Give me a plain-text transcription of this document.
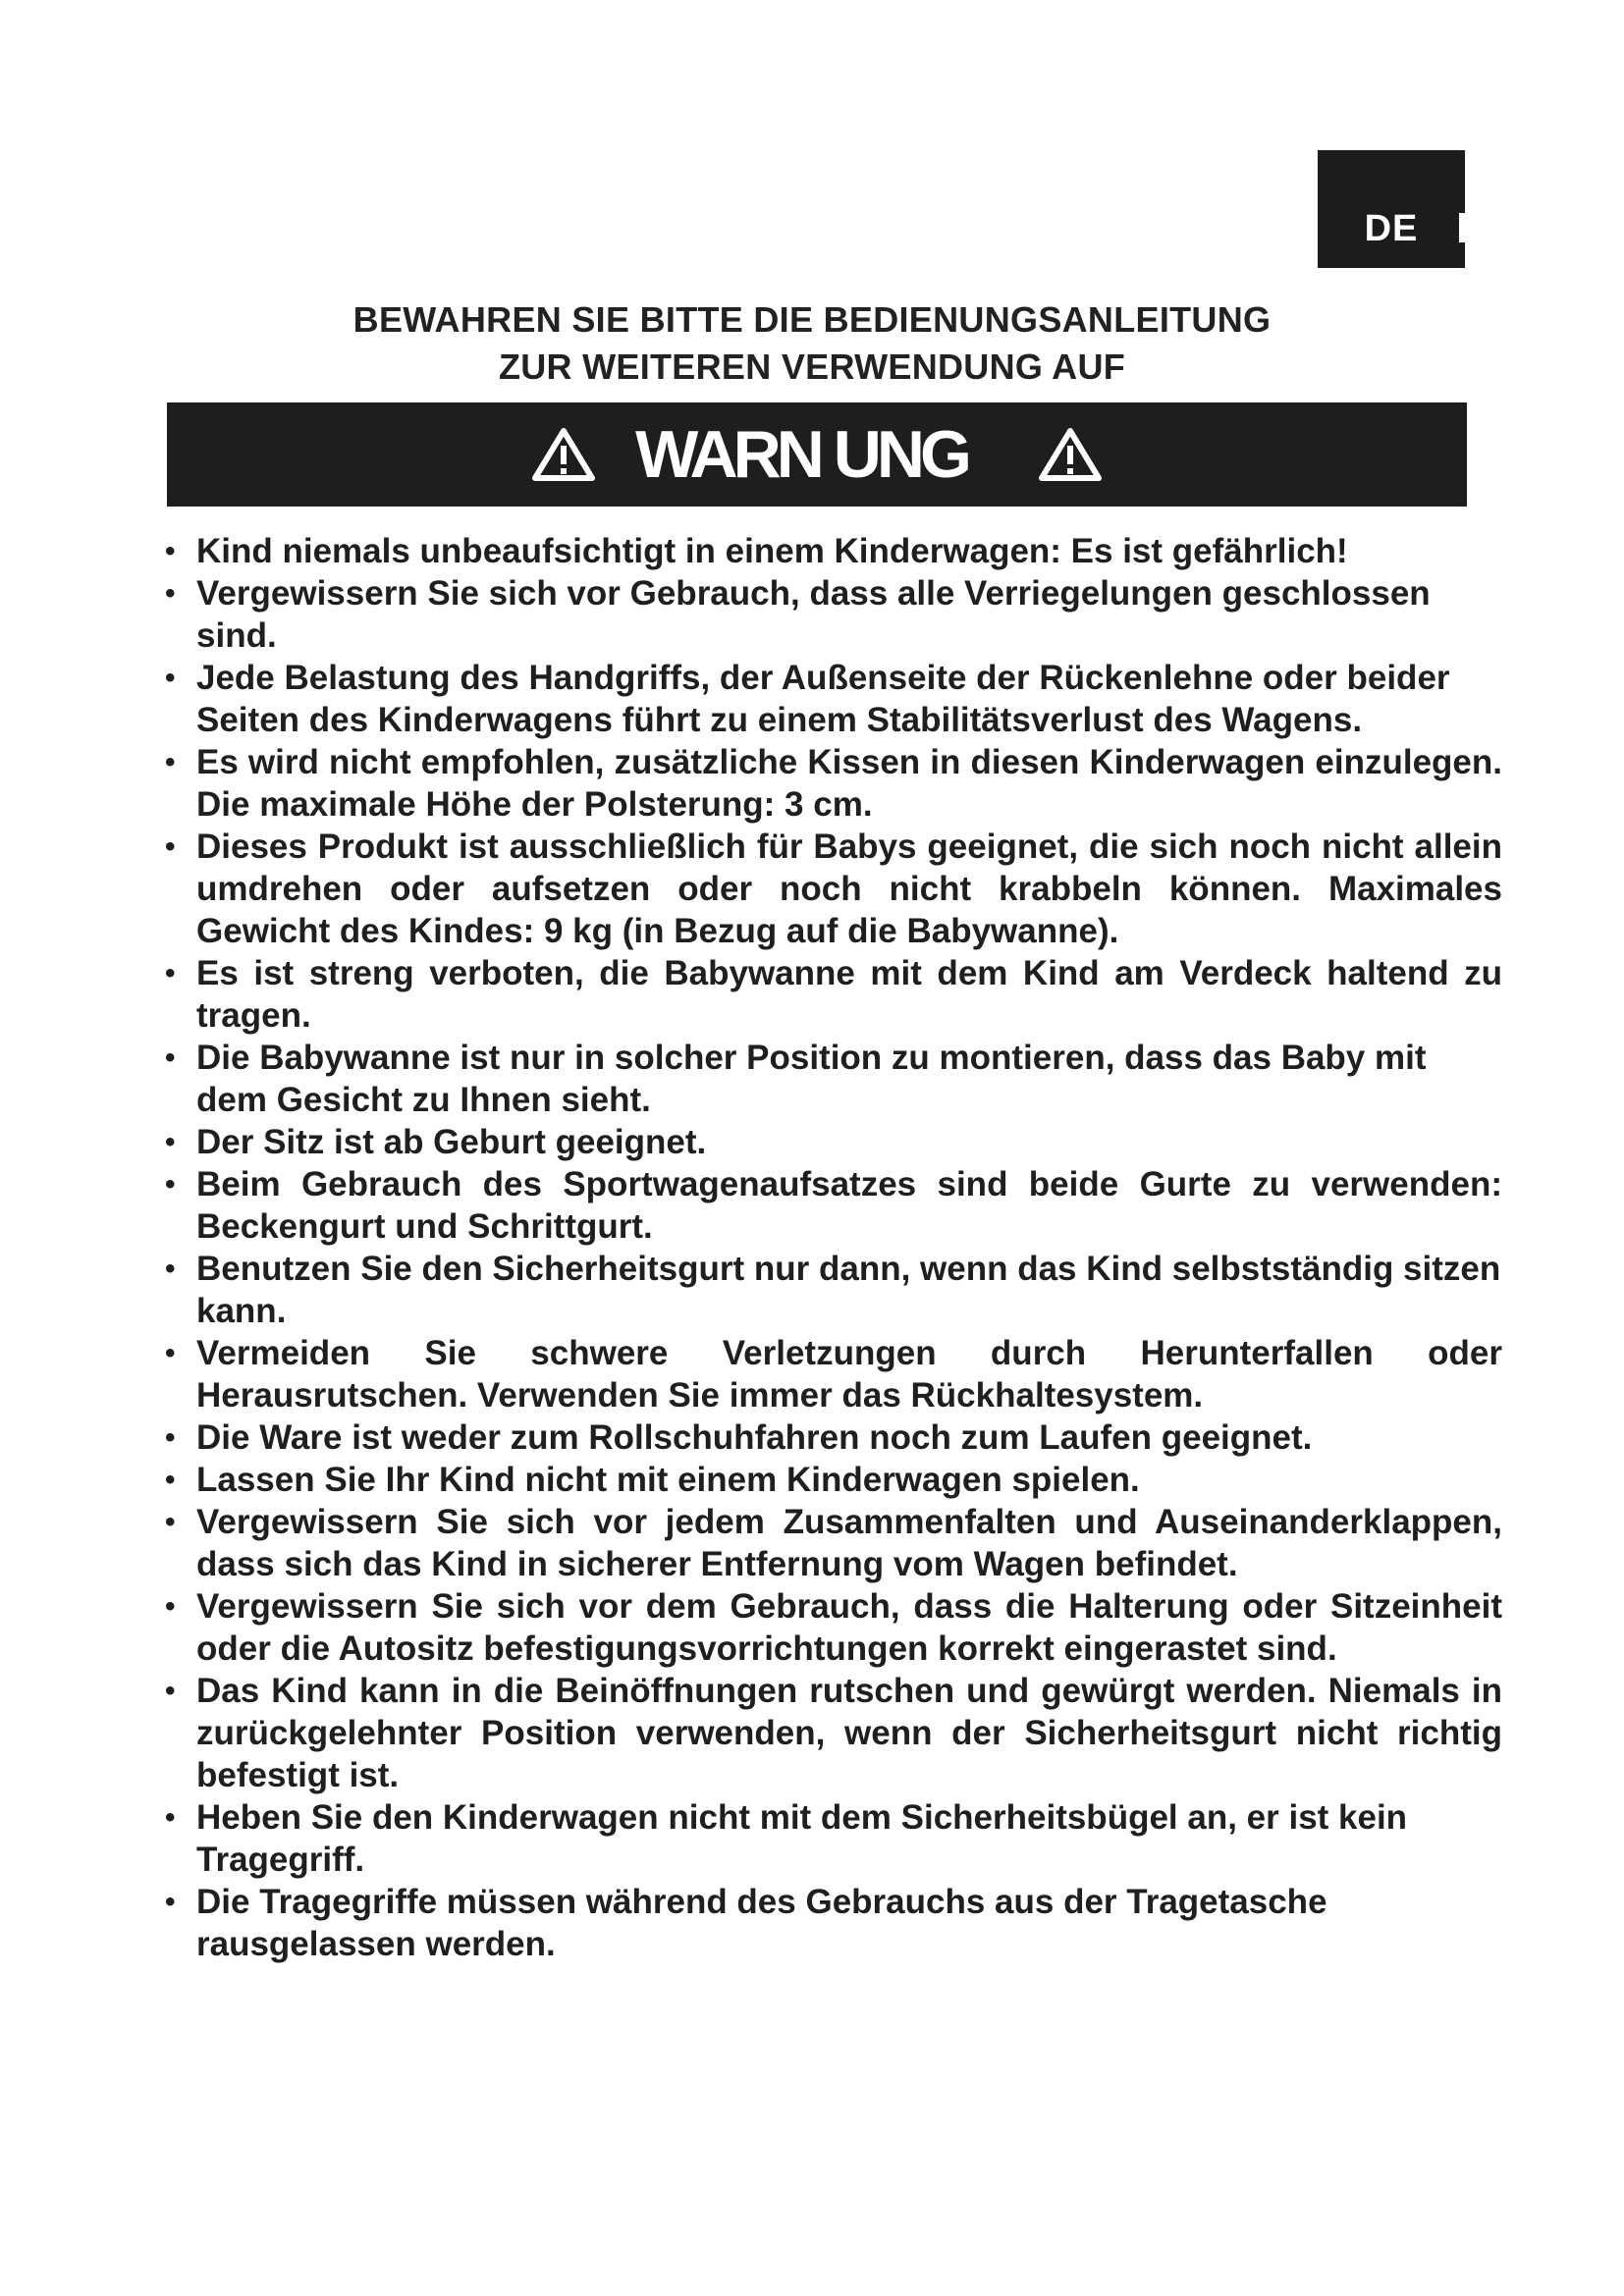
DE
BEWAHREN SIE BITTE DIE BEDIENUNGSANLEITUNG
ZUR WEITEREN VERWENDUNG AUF
WARN UNG
• Kind niemals unbeaufsichtigt in einem Kinderwagen: Es ist gefährlich!
• Vergewissern Sie sich vor Gebrauch, dass alle Verriegelungen geschlossen sind.
• Jede Belastung des Handgriffs, der Außenseite der Rückenlehne oder beider Seiten des Kinderwagens führt zu einem Stabilitätsverlust des Wagens.
• Es wird nicht empfohlen, zusätzliche Kissen in diesen Kinderwagen einzulegen. Die maximale Höhe der Polsterung: 3 cm.
• Dieses Produkt ist ausschließlich für Babys geeignet, die sich noch nicht allein umdrehen oder aufsetzen oder noch nicht krabbeln können. Maximales Gewicht des Kindes: 9 kg (in Bezug auf die Babywanne).
• Es ist streng verboten, die Babywanne mit dem Kind am Verdeck haltend zu tragen.
• Die Babywanne ist nur in solcher Position zu montieren, dass das Baby mit dem Gesicht zu Ihnen sieht.
• Der Sitz ist ab Geburt geeignet.
• Beim Gebrauch des Sportwagenaufsatzes sind beide Gurte zu verwenden: Beckengurt und Schrittgurt.
• Benutzen Sie den Sicherheitsgurt nur dann, wenn das Kind selbstständig sitzen kann.
• Vermeiden Sie schwere Verletzungen durch Herunterfallen oder Herausrutschen. Verwenden Sie immer das Rückhaltesystem.
• Die Ware ist weder zum Rollschuhfahren noch zum Laufen geeignet.
• Lassen Sie Ihr Kind nicht mit einem Kinderwagen spielen.
• Vergewissern Sie sich vor jedem Zusammenfalten und Auseinanderklappen, dass sich das Kind in sicherer Entfernung vom Wagen befindet.
• Vergewissern Sie sich vor dem Gebrauch, dass die Halterung oder Sitzeinheit oder die Autositz befestigungsvorrichtungen korrekt eingerastet sind.
• Das Kind kann in die Beinöffnungen rutschen und gewürgt werden. Niemals in zurückgelehnter Position verwenden, wenn der Sicherheitsgurt nicht richtig befestigt ist.
• Heben Sie den Kinderwagen nicht mit dem Sicherheitsbügel an, er ist kein Tragegriff.
• Die Tragegriffe müssen während des Gebrauchs aus der Tragetasche rausgelassen werden.
